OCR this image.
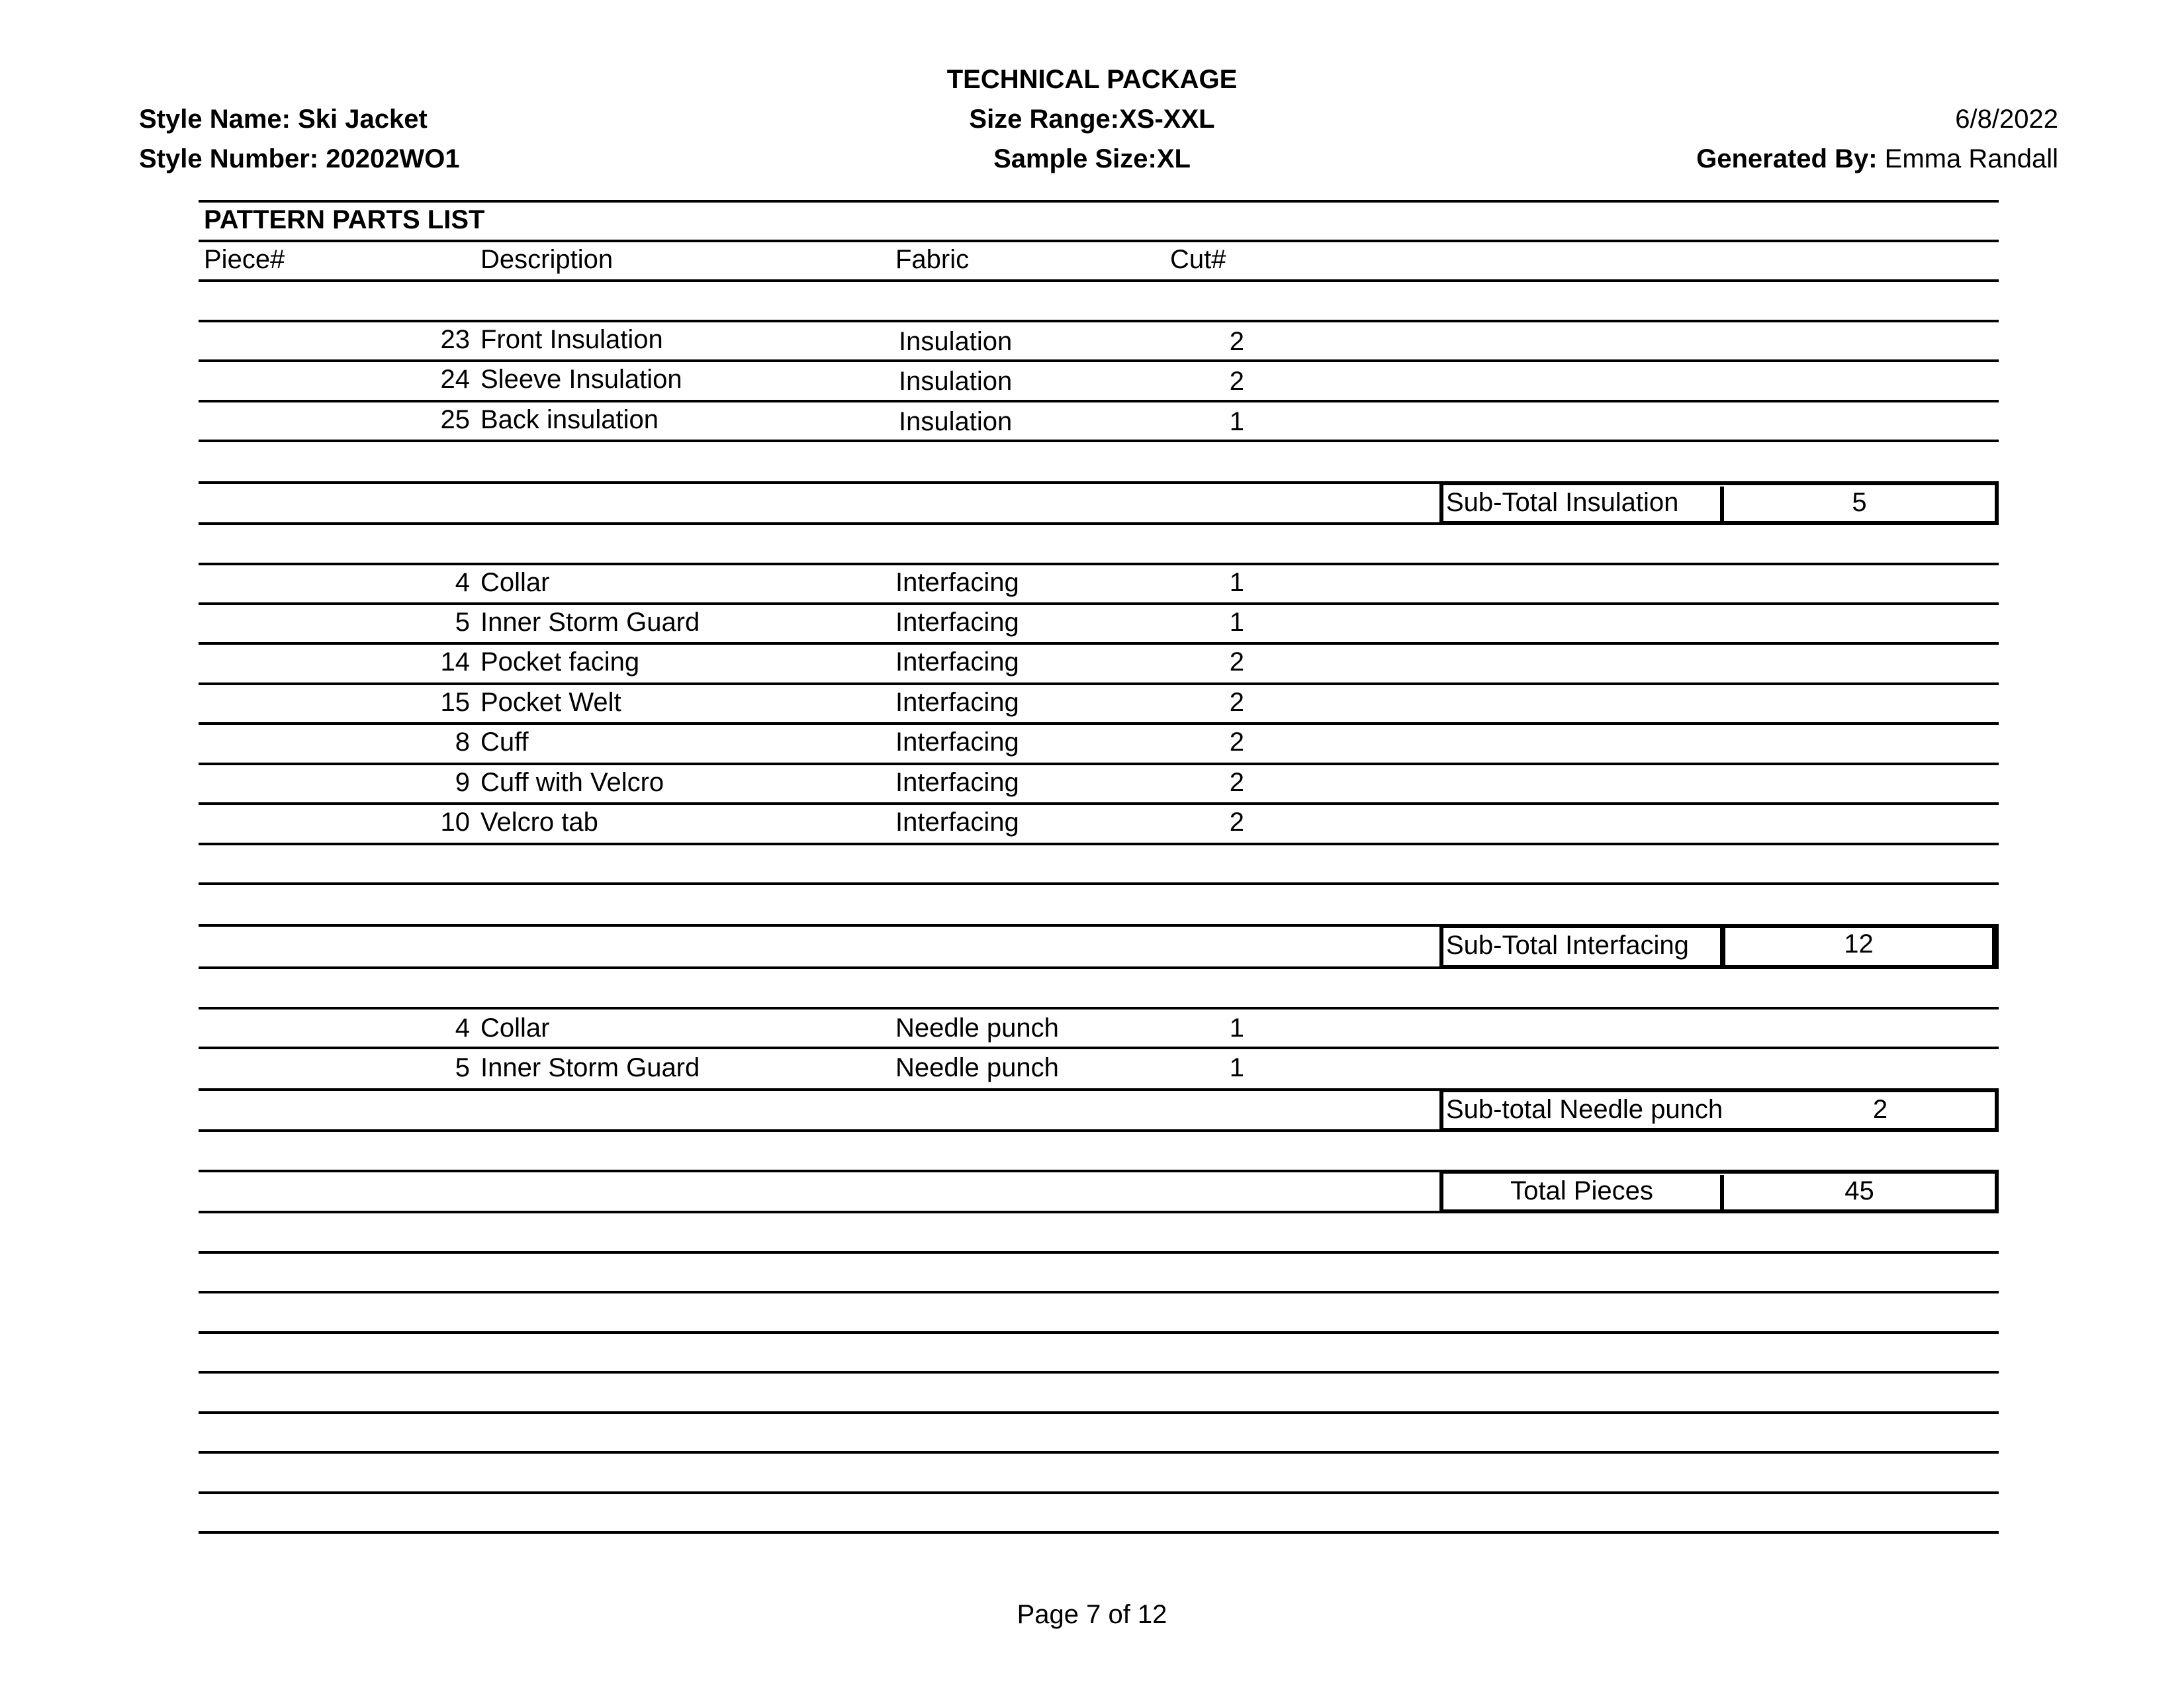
TECHNICAL PACKAGE
Style Name: Ski Jacket
Style Number: 20202WO1
Size Range:XS-XXL
Sample Size:XL
6/8/2022
Generated By: Emma Randall
PATTERN PARTS LIST
Piece#	Description	Fabric	Cut#
23 Front Insulation	Insulation	2
24 Sleeve Insulation	Insulation	2
25 Back insulation	Insulation	1
Sub-Total Insulation	5
4 Collar	Interfacing	1
5 Inner Storm Guard	Interfacing	1
14 Pocket facing	Interfacing	2
15 Pocket Welt	Interfacing	2
8 Cuff	Interfacing	2
9 Cuff with Velcro	Interfacing	2
10 Velcro tab	Interfacing	2
Sub-Total Interfacing	12
4 Collar	Needle punch	1
5 Inner Storm Guard	Needle punch	1
Sub-total Needle punch	2
Total Pieces	45
Page 7 of 12
